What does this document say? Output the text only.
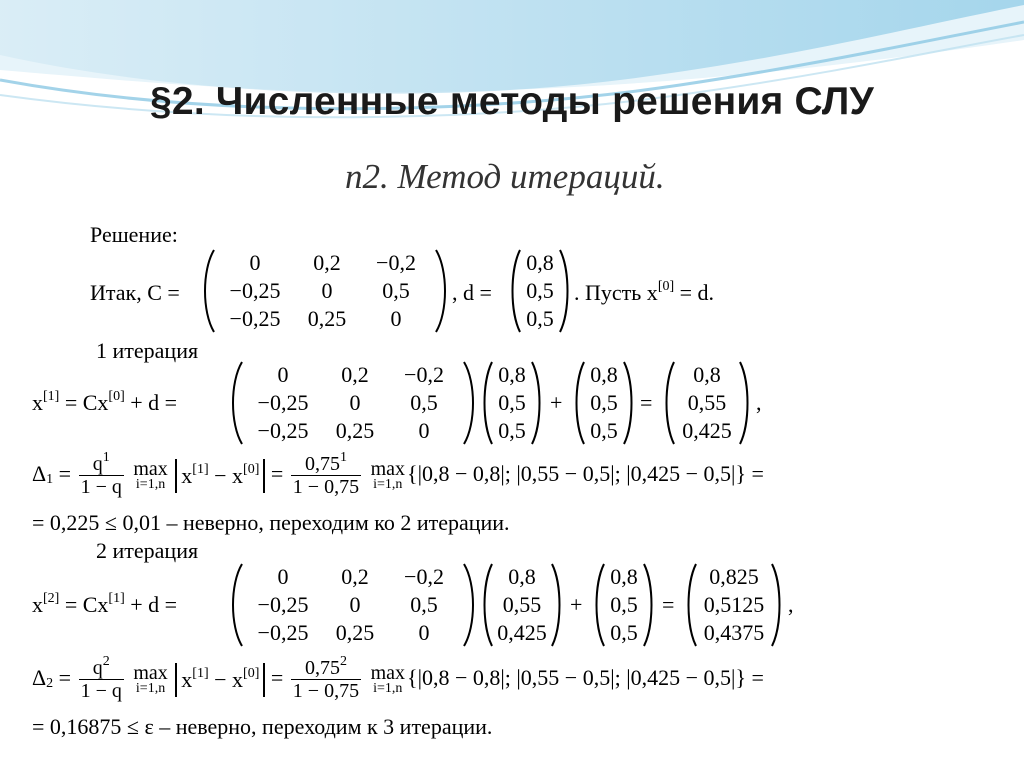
§2. Численные методы решения СЛУ
п2. Метод итераций.
Решение:
Итак, C =
0	0,2	−0,2
−0,25	0	0,5
−0,25	0,25	0
, d =
0,8
0,5
0,5
. Пусть x[0] = d.
1 итерация
x[1] = Cx[0] + d =
0	0,2	−0,2
−0,25	0	0,5
−0,25	0,25	0
0,8
0,5
0,5
+
0,8
0,5
0,5
=
0,8
0,55
0,425
,
$\Delta_1 = \frac{q^1}{1 - q}$ max
i=1,n $x[1] - x[0] = \frac{0,75^1}{1 - 0,75}$ max
i=1,n {|0,8 − 0,8|; |0,55 − 0,5|; |0,425 − 0,5|} =
= 0,225 ≤ 0,01 – неверно, переходим ко 2 итерации.
2 итерация
x[2] = Cx[1] + d =
0	0,2	−0,2
−0,25	0	0,5
−0,25	0,25	0
0,8
0,55
0,425
+
0,8
0,5
0,5
=
0,825
0,5125
0,4375
,
$\Delta_2 = \frac{q^2}{1 - q}$ max
i=1,n $x[1] - x[0] = \frac{0,75^2}{1 - 0,75}$ max
i=1,n {|0,8 − 0,8|; |0,55 − 0,5|; |0,425 − 0,5|} =
= 0,16875 ≤ ε – неверно, переходим к 3 итерации.
